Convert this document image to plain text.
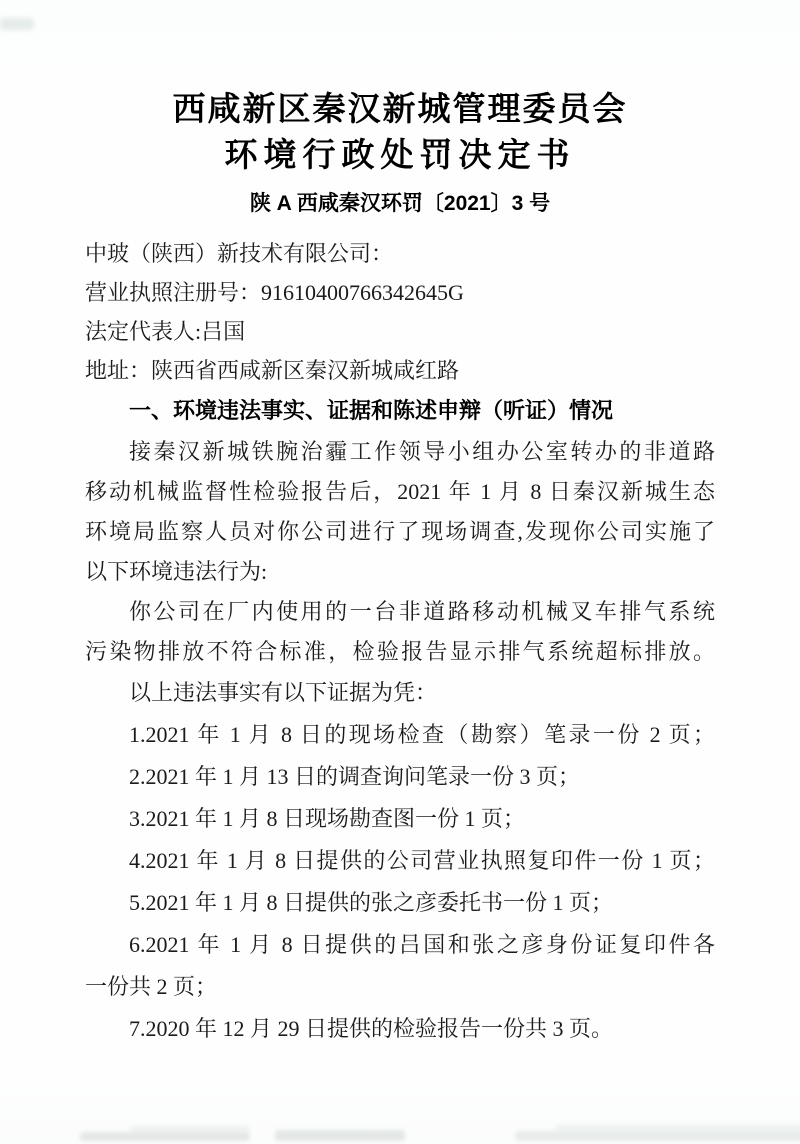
西咸新区秦汉新城管理委员会
环境行政处罚决定书
陕 A 西咸秦汉环罚〔2021〕3 号
中玻（陕西）新技术有限公司：
营业执照注册号：91610400766342645G
法定代表人:吕国
地址：陕西省西咸新区秦汉新城咸红路
一、环境违法事实、证据和陈述申辩（听证）情况
接秦汉新城铁腕治霾工作领导小组办公室转办的非道路
移动机械监督性检验报告后，2021 年 1 月 8 日秦汉新城生态
环境局监察人员对你公司进行了现场调查,发现你公司实施了
以下环境违法行为:
你公司在厂内使用的一台非道路移动机械叉车排气系统
污染物排放不符合标准，检验报告显示排气系统超标排放。
以上违法事实有以下证据为凭：
1.2021 年 1 月 8 日的现场检查（勘察）笔录一份 2 页；
2.2021 年 1 月 13 日的调查询问笔录一份 3 页；
3.2021 年 1 月 8 日现场勘查图一份 1 页；
4.2021 年 1 月 8 日提供的公司营业执照复印件一份 1 页；
5.2021 年 1 月 8 日提供的张之彦委托书一份 1 页；
6.2021 年 1 月 8 日提供的吕国和张之彦身份证复印件各
一份共 2 页；
7.2020 年 12 月 29 日提供的检验报告一份共 3 页。
